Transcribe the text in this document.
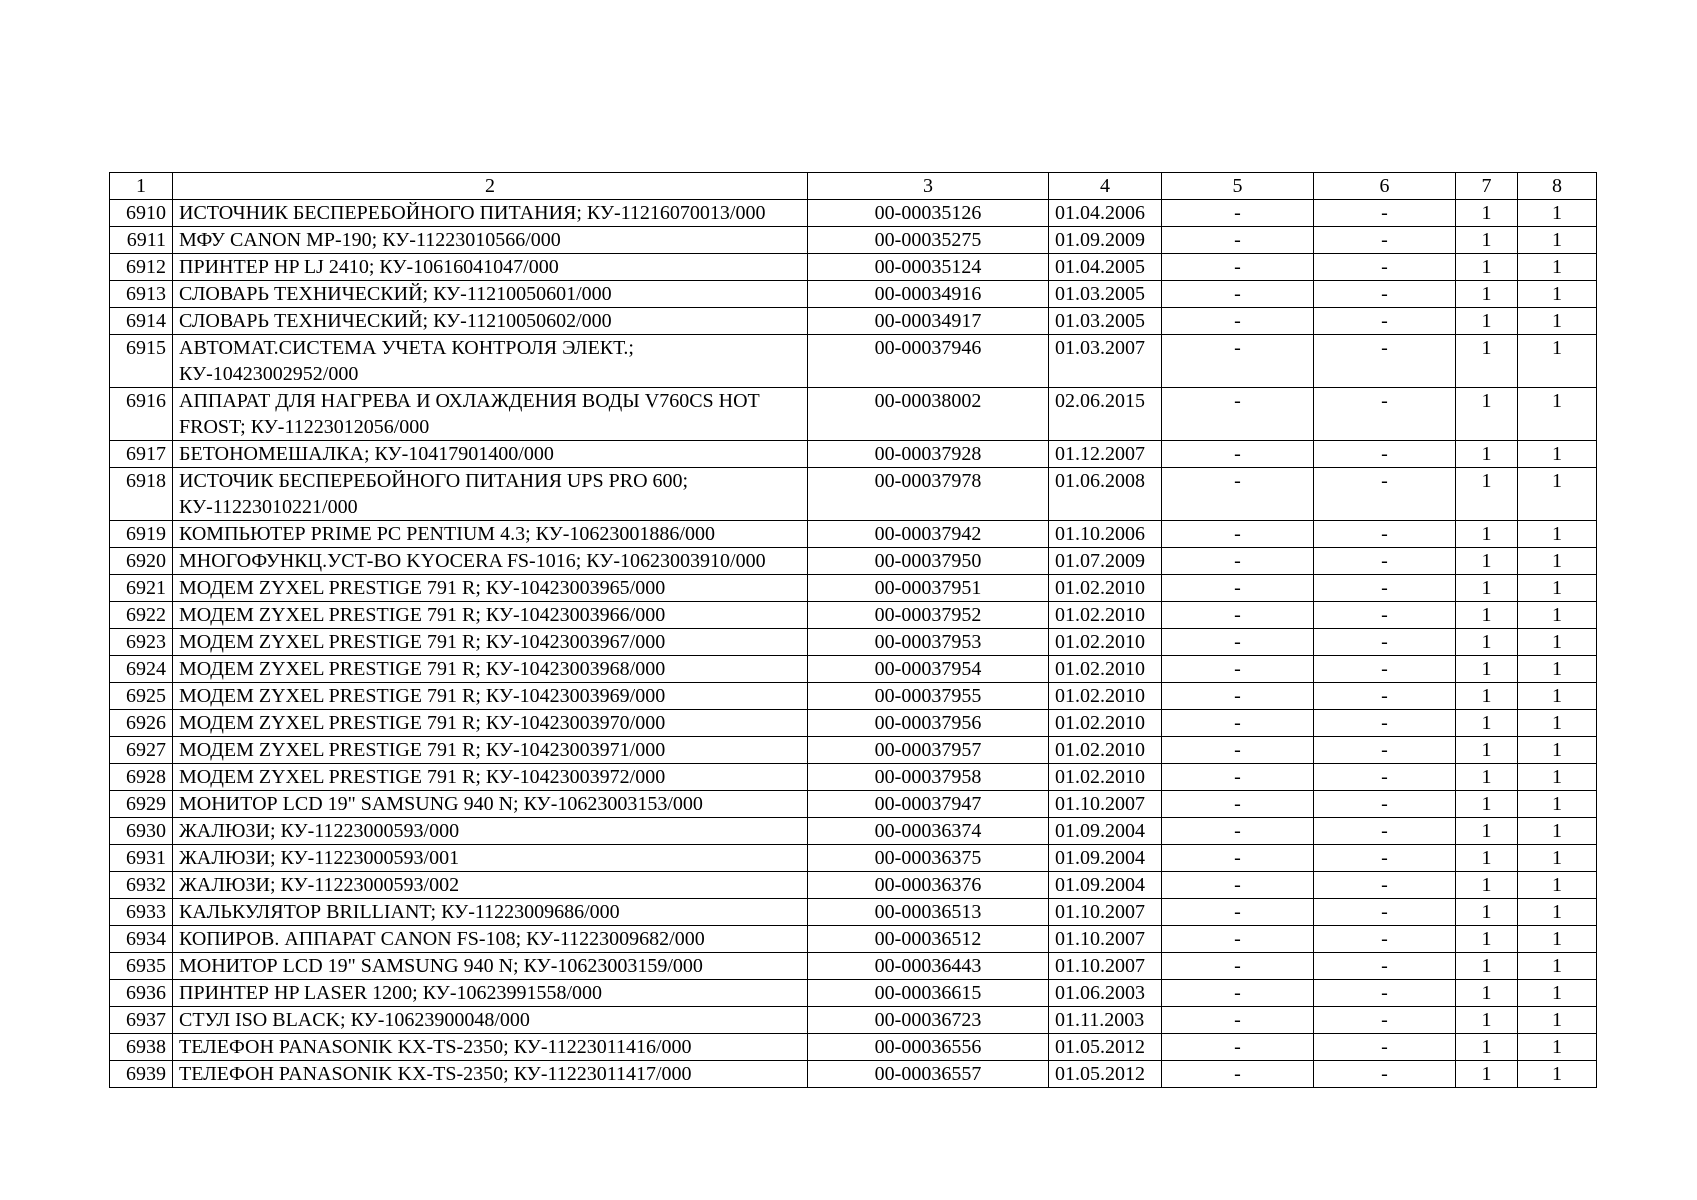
1	2	3	4	5	6	7	8
6910	ИСТОЧНИК БЕСПЕРЕБОЙНОГО ПИТАНИЯ; КУ-11216070013/000	00-00035126	01.04.2006	-	-	1	1
6911	МФУ CANON MP-190; КУ-11223010566/000	00-00035275	01.09.2009	-	-	1	1
6912	ПРИНТЕР HP LJ 2410; КУ-10616041047/000	00-00035124	01.04.2005	-	-	1	1
6913	СЛОВАРЬ ТЕХНИЧЕСКИЙ; КУ-11210050601/000	00-00034916	01.03.2005	-	-	1	1
6914	СЛОВАРЬ ТЕХНИЧЕСКИЙ; КУ-11210050602/000	00-00034917	01.03.2005	-	-	1	1
6915	АВТОМАТ.СИСТЕМА УЧЕТА КОНТРОЛЯ ЭЛЕКТ.; КУ-10423002952/000	00-00037946	01.03.2007	-	-	1	1
6916	АППАРАТ ДЛЯ НАГРЕВА И ОХЛАЖДЕНИЯ ВОДЫ V760CS HOT FROST; КУ-11223012056/000	00-00038002	02.06.2015	-	-	1	1
6917	БЕТОНОМЕШАЛКА; КУ-10417901400/000	00-00037928	01.12.2007	-	-	1	1
6918	ИСТОЧИК БЕСПЕРЕБОЙНОГО ПИТАНИЯ UPS PRO 600; КУ-11223010221/000	00-00037978	01.06.2008	-	-	1	1
6919	КОМПЬЮТЕР PRIME PC PENTIUM 4.3; КУ-10623001886/000	00-00037942	01.10.2006	-	-	1	1
6920	МНОГОФУНКЦ.УСТ-ВО KYOCERA FS-1016; КУ-10623003910/000	00-00037950	01.07.2009	-	-	1	1
6921	МОДЕМ ZYXEL PRESTIGE 791 R; КУ-10423003965/000	00-00037951	01.02.2010	-	-	1	1
6922	МОДЕМ ZYXEL PRESTIGE 791 R; КУ-10423003966/000	00-00037952	01.02.2010	-	-	1	1
6923	МОДЕМ ZYXEL PRESTIGE 791 R; КУ-10423003967/000	00-00037953	01.02.2010	-	-	1	1
6924	МОДЕМ ZYXEL PRESTIGE 791 R; КУ-10423003968/000	00-00037954	01.02.2010	-	-	1	1
6925	МОДЕМ ZYXEL PRESTIGE 791 R; КУ-10423003969/000	00-00037955	01.02.2010	-	-	1	1
6926	МОДЕМ ZYXEL PRESTIGE 791 R; КУ-10423003970/000	00-00037956	01.02.2010	-	-	1	1
6927	МОДЕМ ZYXEL PRESTIGE 791 R; КУ-10423003971/000	00-00037957	01.02.2010	-	-	1	1
6928	МОДЕМ ZYXEL PRESTIGE 791 R; КУ-10423003972/000	00-00037958	01.02.2010	-	-	1	1
6929	МОНИТОР LCD 19" SAMSUNG 940 N; КУ-10623003153/000	00-00037947	01.10.2007	-	-	1	1
6930	ЖАЛЮЗИ; КУ-11223000593/000	00-00036374	01.09.2004	-	-	1	1
6931	ЖАЛЮЗИ; КУ-11223000593/001	00-00036375	01.09.2004	-	-	1	1
6932	ЖАЛЮЗИ; КУ-11223000593/002	00-00036376	01.09.2004	-	-	1	1
6933	КАЛЬКУЛЯТОР BRILLIANT; КУ-11223009686/000	00-00036513	01.10.2007	-	-	1	1
6934	КОПИРОВ. АППАРАТ CANON FS-108; КУ-11223009682/000	00-00036512	01.10.2007	-	-	1	1
6935	МОНИТОР LCD 19" SAMSUNG 940 N; КУ-10623003159/000	00-00036443	01.10.2007	-	-	1	1
6936	ПРИНТЕР HP LASER 1200; КУ-10623991558/000	00-00036615	01.06.2003	-	-	1	1
6937	СТУЛ ISO BLACK; КУ-10623900048/000	00-00036723	01.11.2003	-	-	1	1
6938	ТЕЛЕФОН PANASONIK KX-TS-2350; КУ-11223011416/000	00-00036556	01.05.2012	-	-	1	1
6939	ТЕЛЕФОН PANASONIK KX-TS-2350; КУ-11223011417/000	00-00036557	01.05.2012	-	-	1	1
